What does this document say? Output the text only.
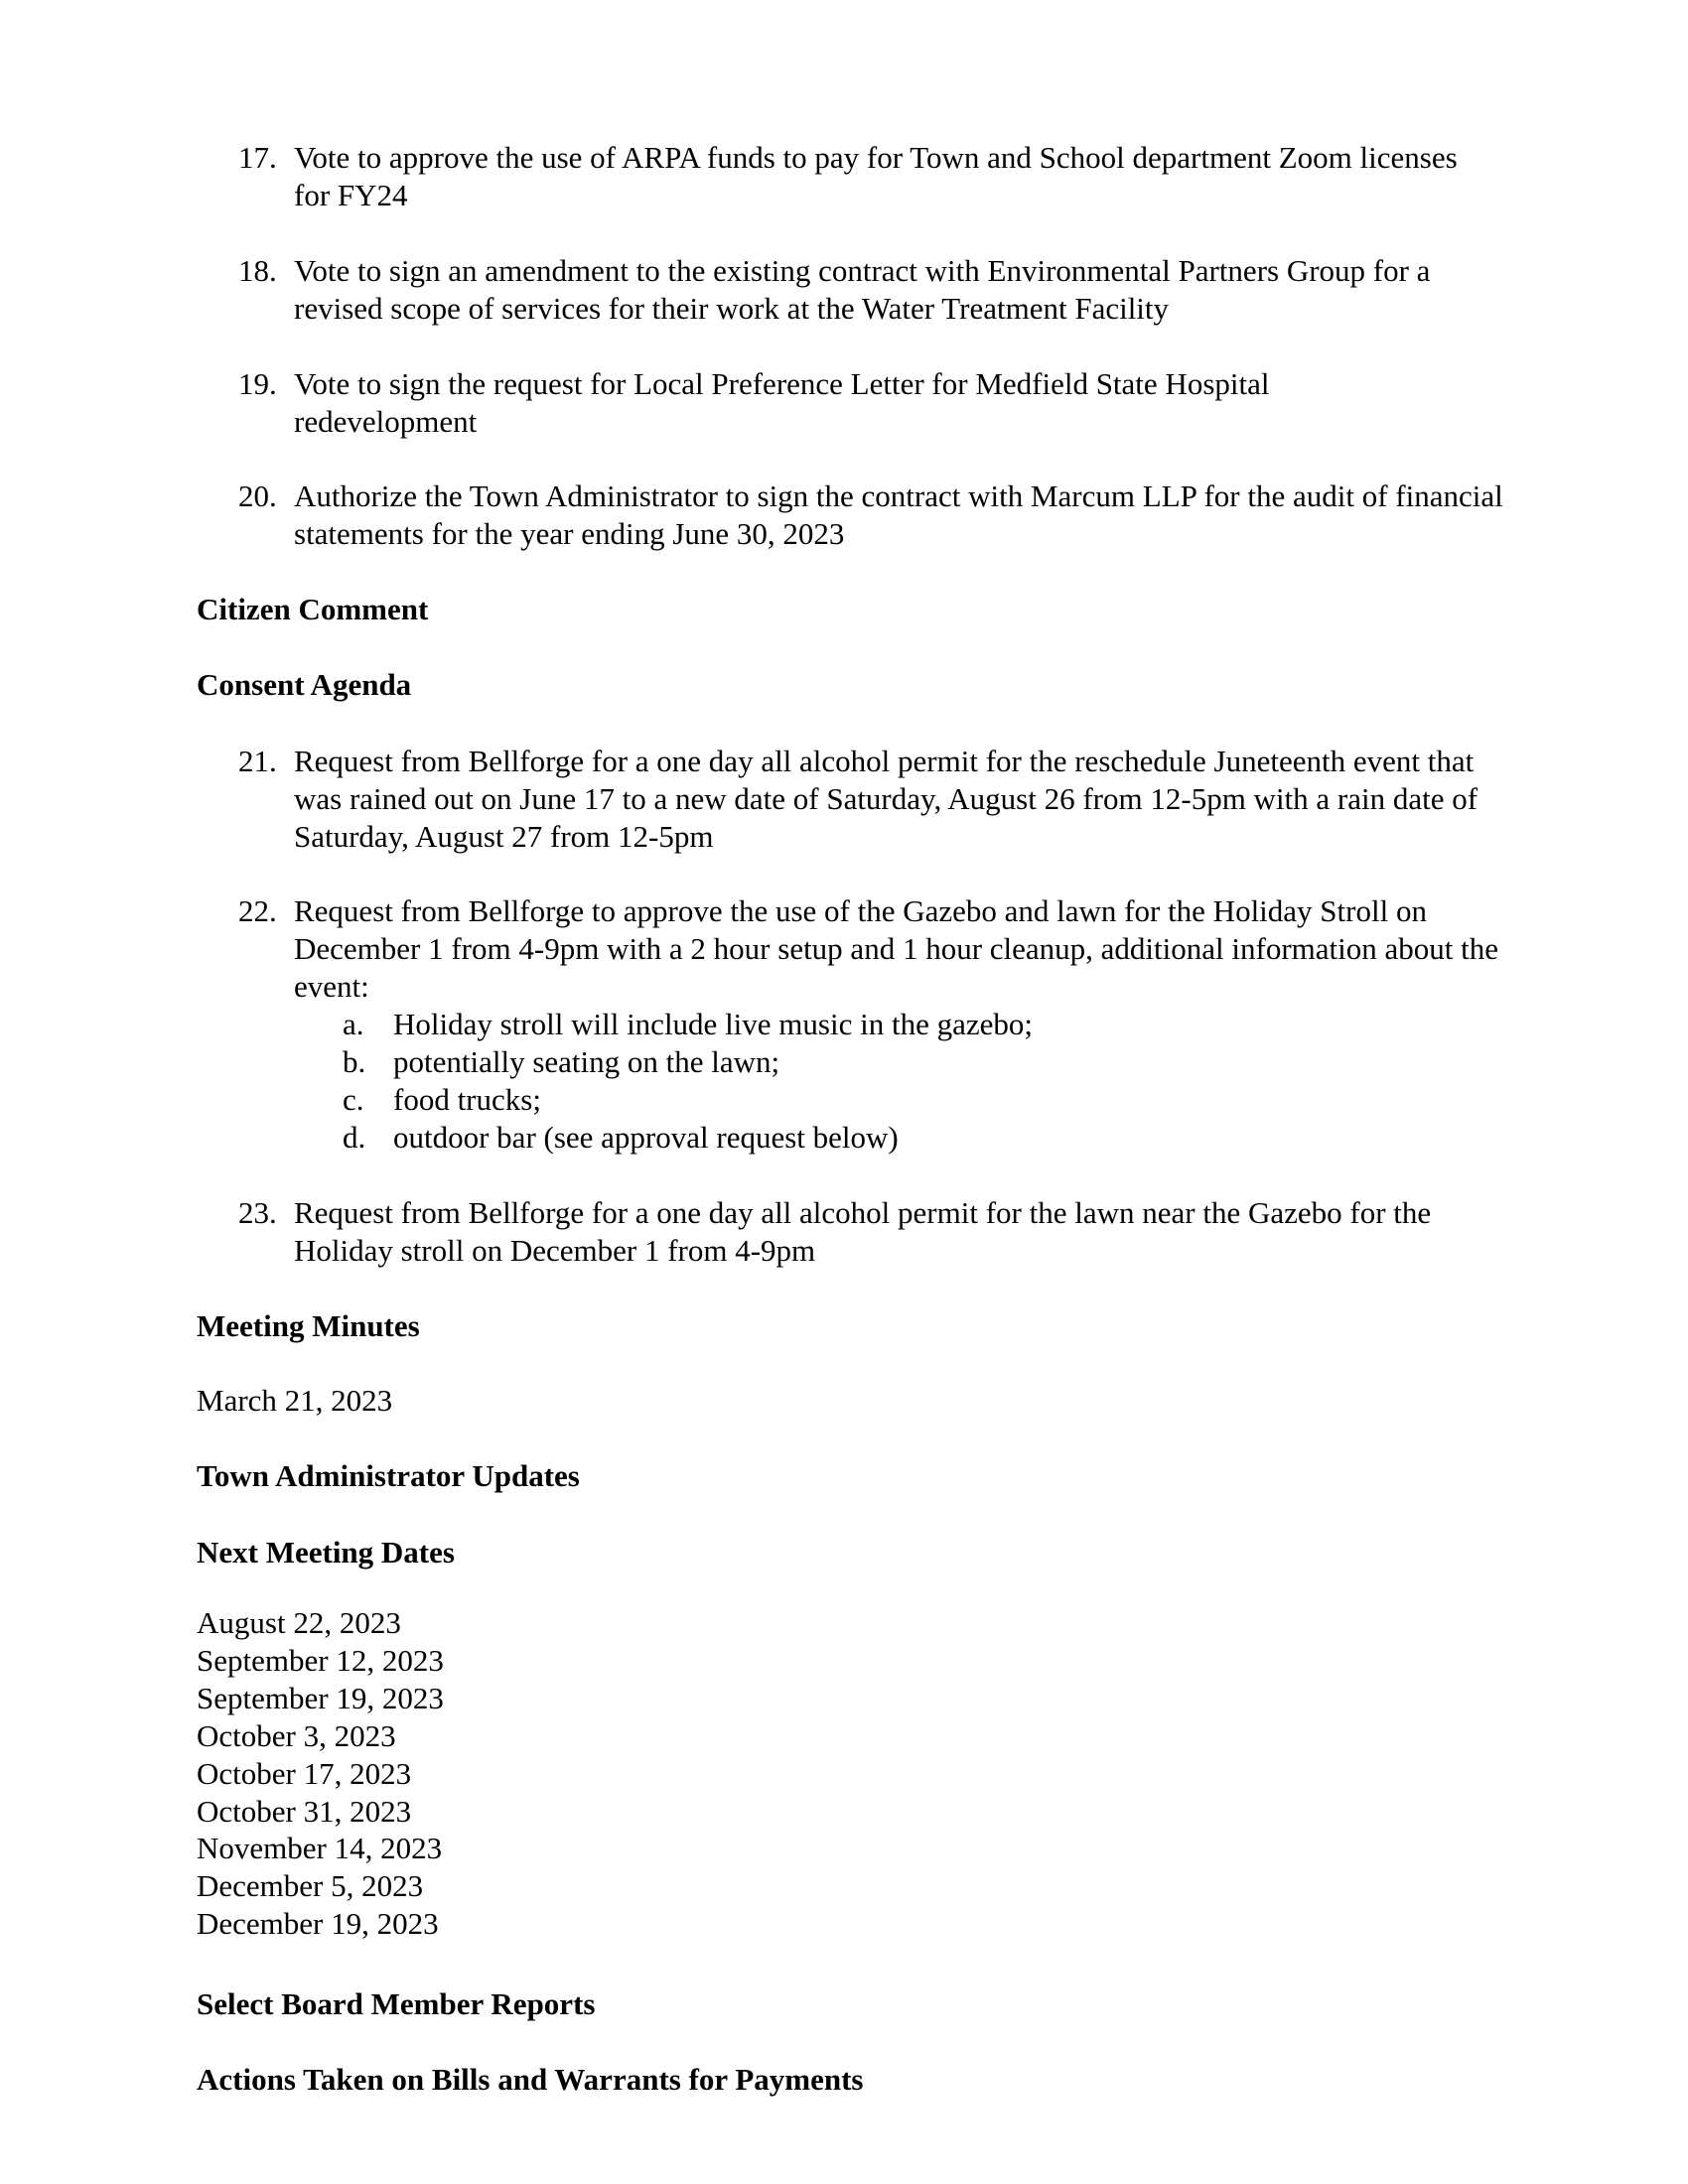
17. Vote to approve the use of ARPA funds to pay for Town and School department Zoom licenses for FY24
18. Vote to sign an amendment to the existing contract with Environmental Partners Group for a revised scope of services for their work at the Water Treatment Facility
19. Vote to sign the request for Local Preference Letter for Medfield State Hospital redevelopment
20. Authorize the Town Administrator to sign the contract with Marcum LLP for the audit of financial statements for the year ending June 30, 2023
Citizen Comment
Consent Agenda
21. Request from Bellforge for a one day all alcohol permit for the reschedule Juneteenth event that was rained out on June 17 to a new date of Saturday, August 26 from 12-5pm with a rain date of Saturday, August 27 from 12-5pm
22. Request from Bellforge to approve the use of the Gazebo and lawn for the Holiday Stroll on December 1 from 4-9pm with a 2 hour setup and 1 hour cleanup, additional information about the event:
a. Holiday stroll will include live music in the gazebo;
b. potentially seating on the lawn;
c. food trucks;
d. outdoor bar (see approval request below)
23. Request from Bellforge for a one day all alcohol permit for the lawn near the Gazebo for the Holiday stroll on December 1 from 4-9pm
Meeting Minutes
March 21, 2023
Town Administrator Updates
Next Meeting Dates
August 22, 2023
September 12, 2023
September 19, 2023
October 3, 2023
October 17, 2023
October 31, 2023
November 14, 2023
December 5, 2023
December 19, 2023
Select Board Member Reports
Actions Taken on Bills and Warrants for Payments
